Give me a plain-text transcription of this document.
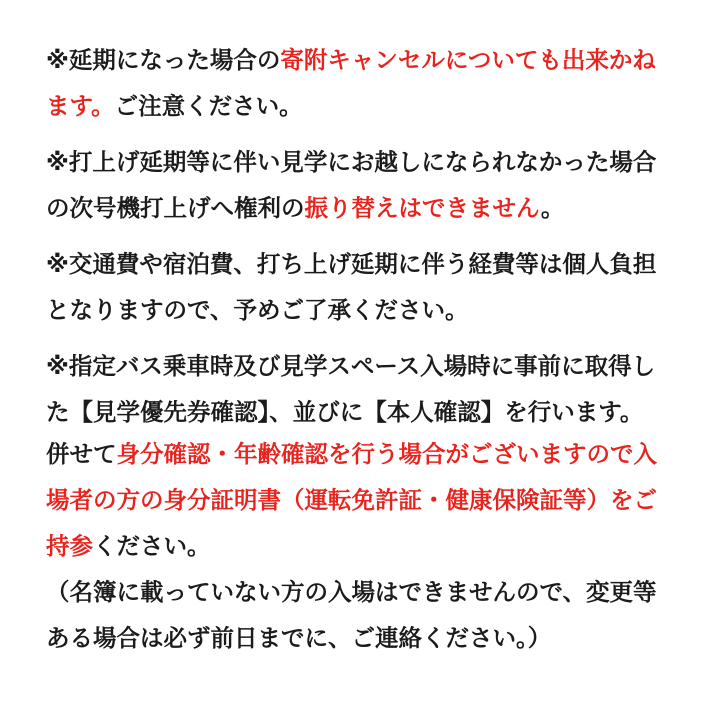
※延期になった場合の寄附キャンセルについても出来かね
ます。ご注意ください。
※打上げ延期等に伴い見学にお越しになられなかった場合
の次号機打上げへ権利の振り替えはできません。
※交通費や宿泊費、打ち上げ延期に伴う経費等は個人負担
となりますので、予めご了承ください。
※指定バス乗車時及び見学スペース入場時に事前に取得し
た【見学優先券確認】、並びに【本人確認】を行います。
併せて身分確認・年齢確認を行う場合がございますので入
場者の方の身分証明書（運転免許証・健康保険証等）をご
持参ください。
（名簿に載っていない方の入場はできませんので、変更等
ある場合は必ず前日までに、ご連絡ください。）
